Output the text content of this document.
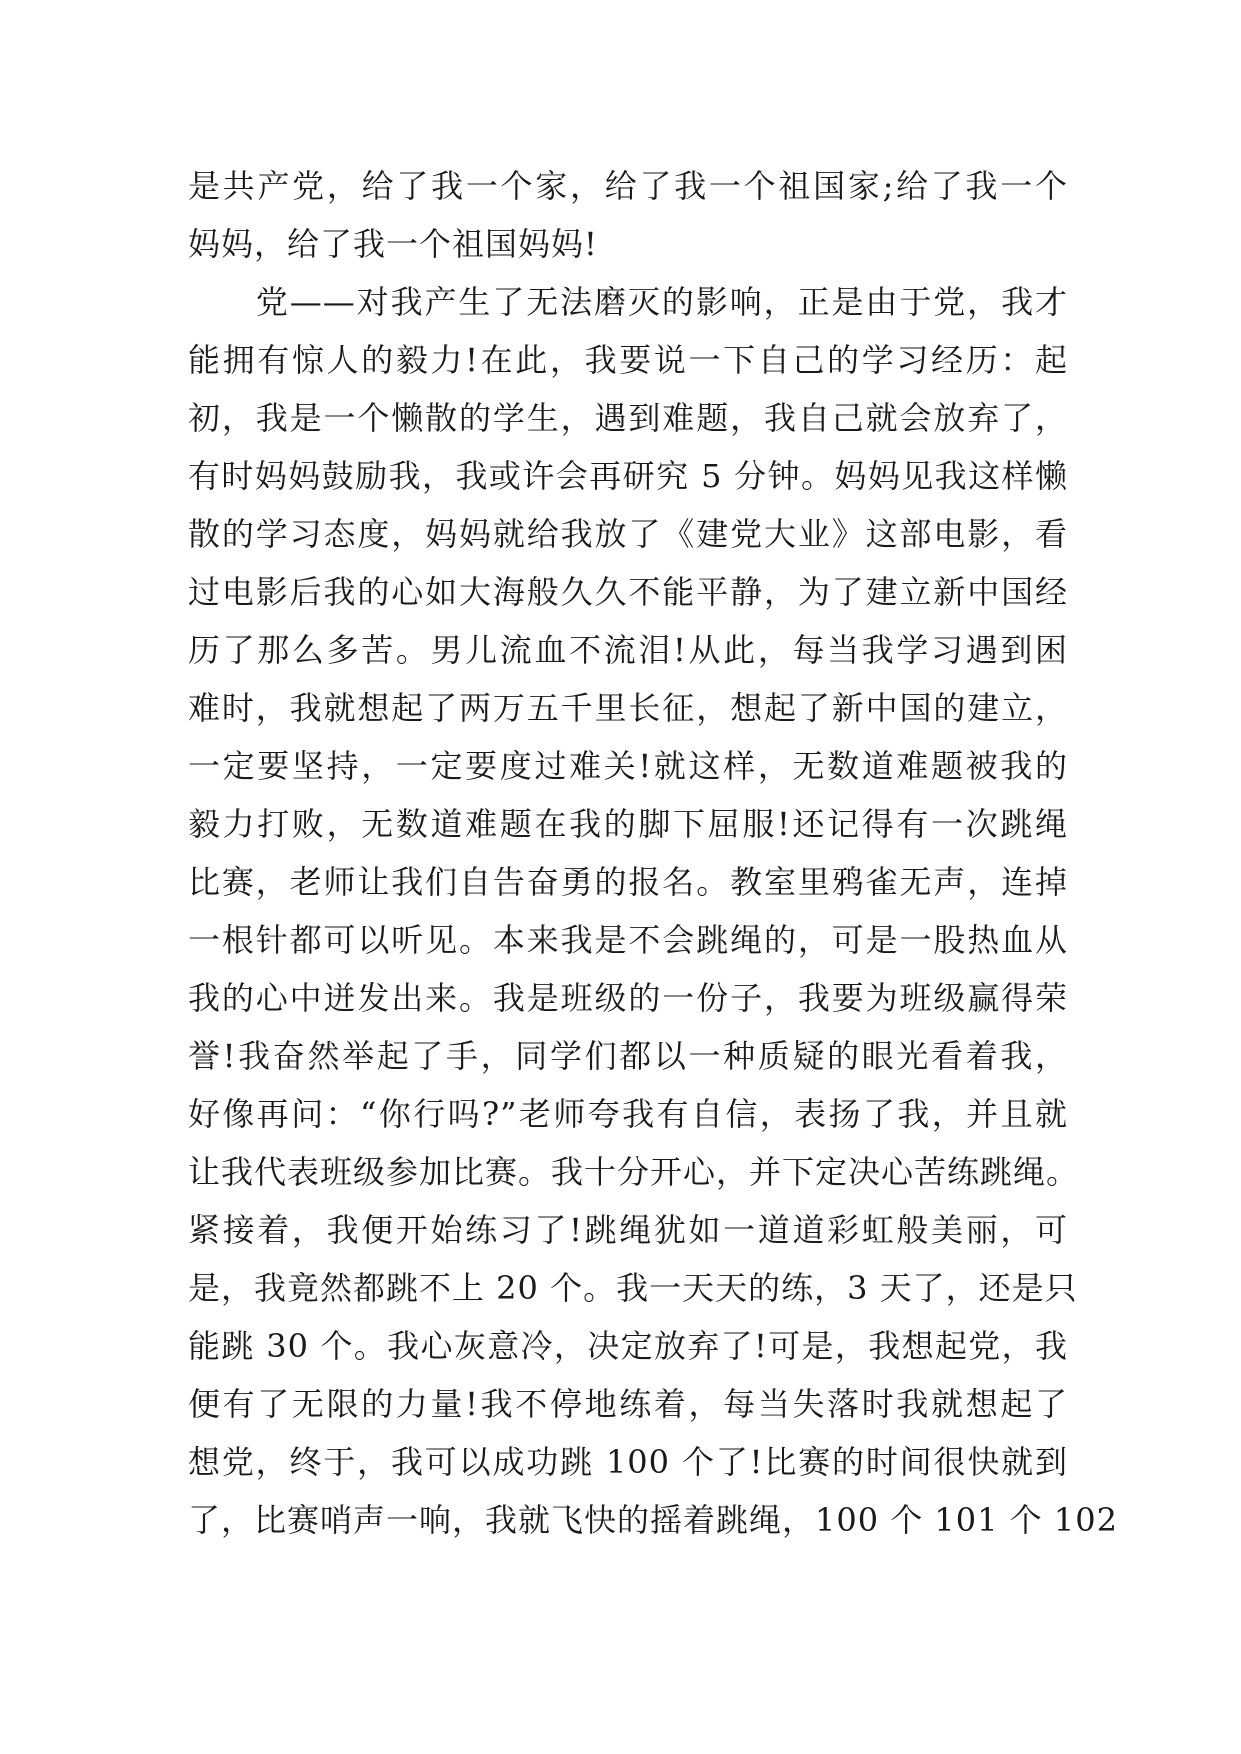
是共产党，给了我一个家，给了我一个祖国家;给了我一个
妈妈，给了我一个祖国妈妈!
　　党——对我产生了无法磨灭的影响，正是由于党，我才
能拥有惊人的毅力!在此，我要说一下自己的学习经历：起
初，我是一个懒散的学生，遇到难题，我自己就会放弃了，
有时妈妈鼓励我，我或许会再研究 5 分钟。妈妈见我这样懒
散的学习态度，妈妈就给我放了《建党大业》这部电影，看
过电影后我的心如大海般久久不能平静，为了建立新中国经
历了那么多苦。男儿流血不流泪!从此，每当我学习遇到困
难时，我就想起了两万五千里长征，想起了新中国的建立，
一定要坚持，一定要度过难关!就这样，无数道难题被我的
毅力打败，无数道难题在我的脚下屈服!还记得有一次跳绳
比赛，老师让我们自告奋勇的报名。教室里鸦雀无声，连掉
一根针都可以听见。本来我是不会跳绳的，可是一股热血从
我的心中迸发出来。我是班级的一份子，我要为班级赢得荣
誉!我奋然举起了手，同学们都以一种质疑的眼光看着我，
好像再问：“你行吗?”老师夸我有自信，表扬了我，并且就
让我代表班级参加比赛。我十分开心，并下定决心苦练跳绳。
紧接着，我便开始练习了!跳绳犹如一道道彩虹般美丽，可
是，我竟然都跳不上 20 个。我一天天的练，3 天了，还是只
能跳 30 个。我心灰意冷，决定放弃了!可是，我想起党，我
便有了无限的力量!我不停地练着，每当失落时我就想起了
想党，终于，我可以成功跳 100 个了!比赛的时间很快就到
了，比赛哨声一响，我就飞快的摇着跳绳，100 个 101 个 102
